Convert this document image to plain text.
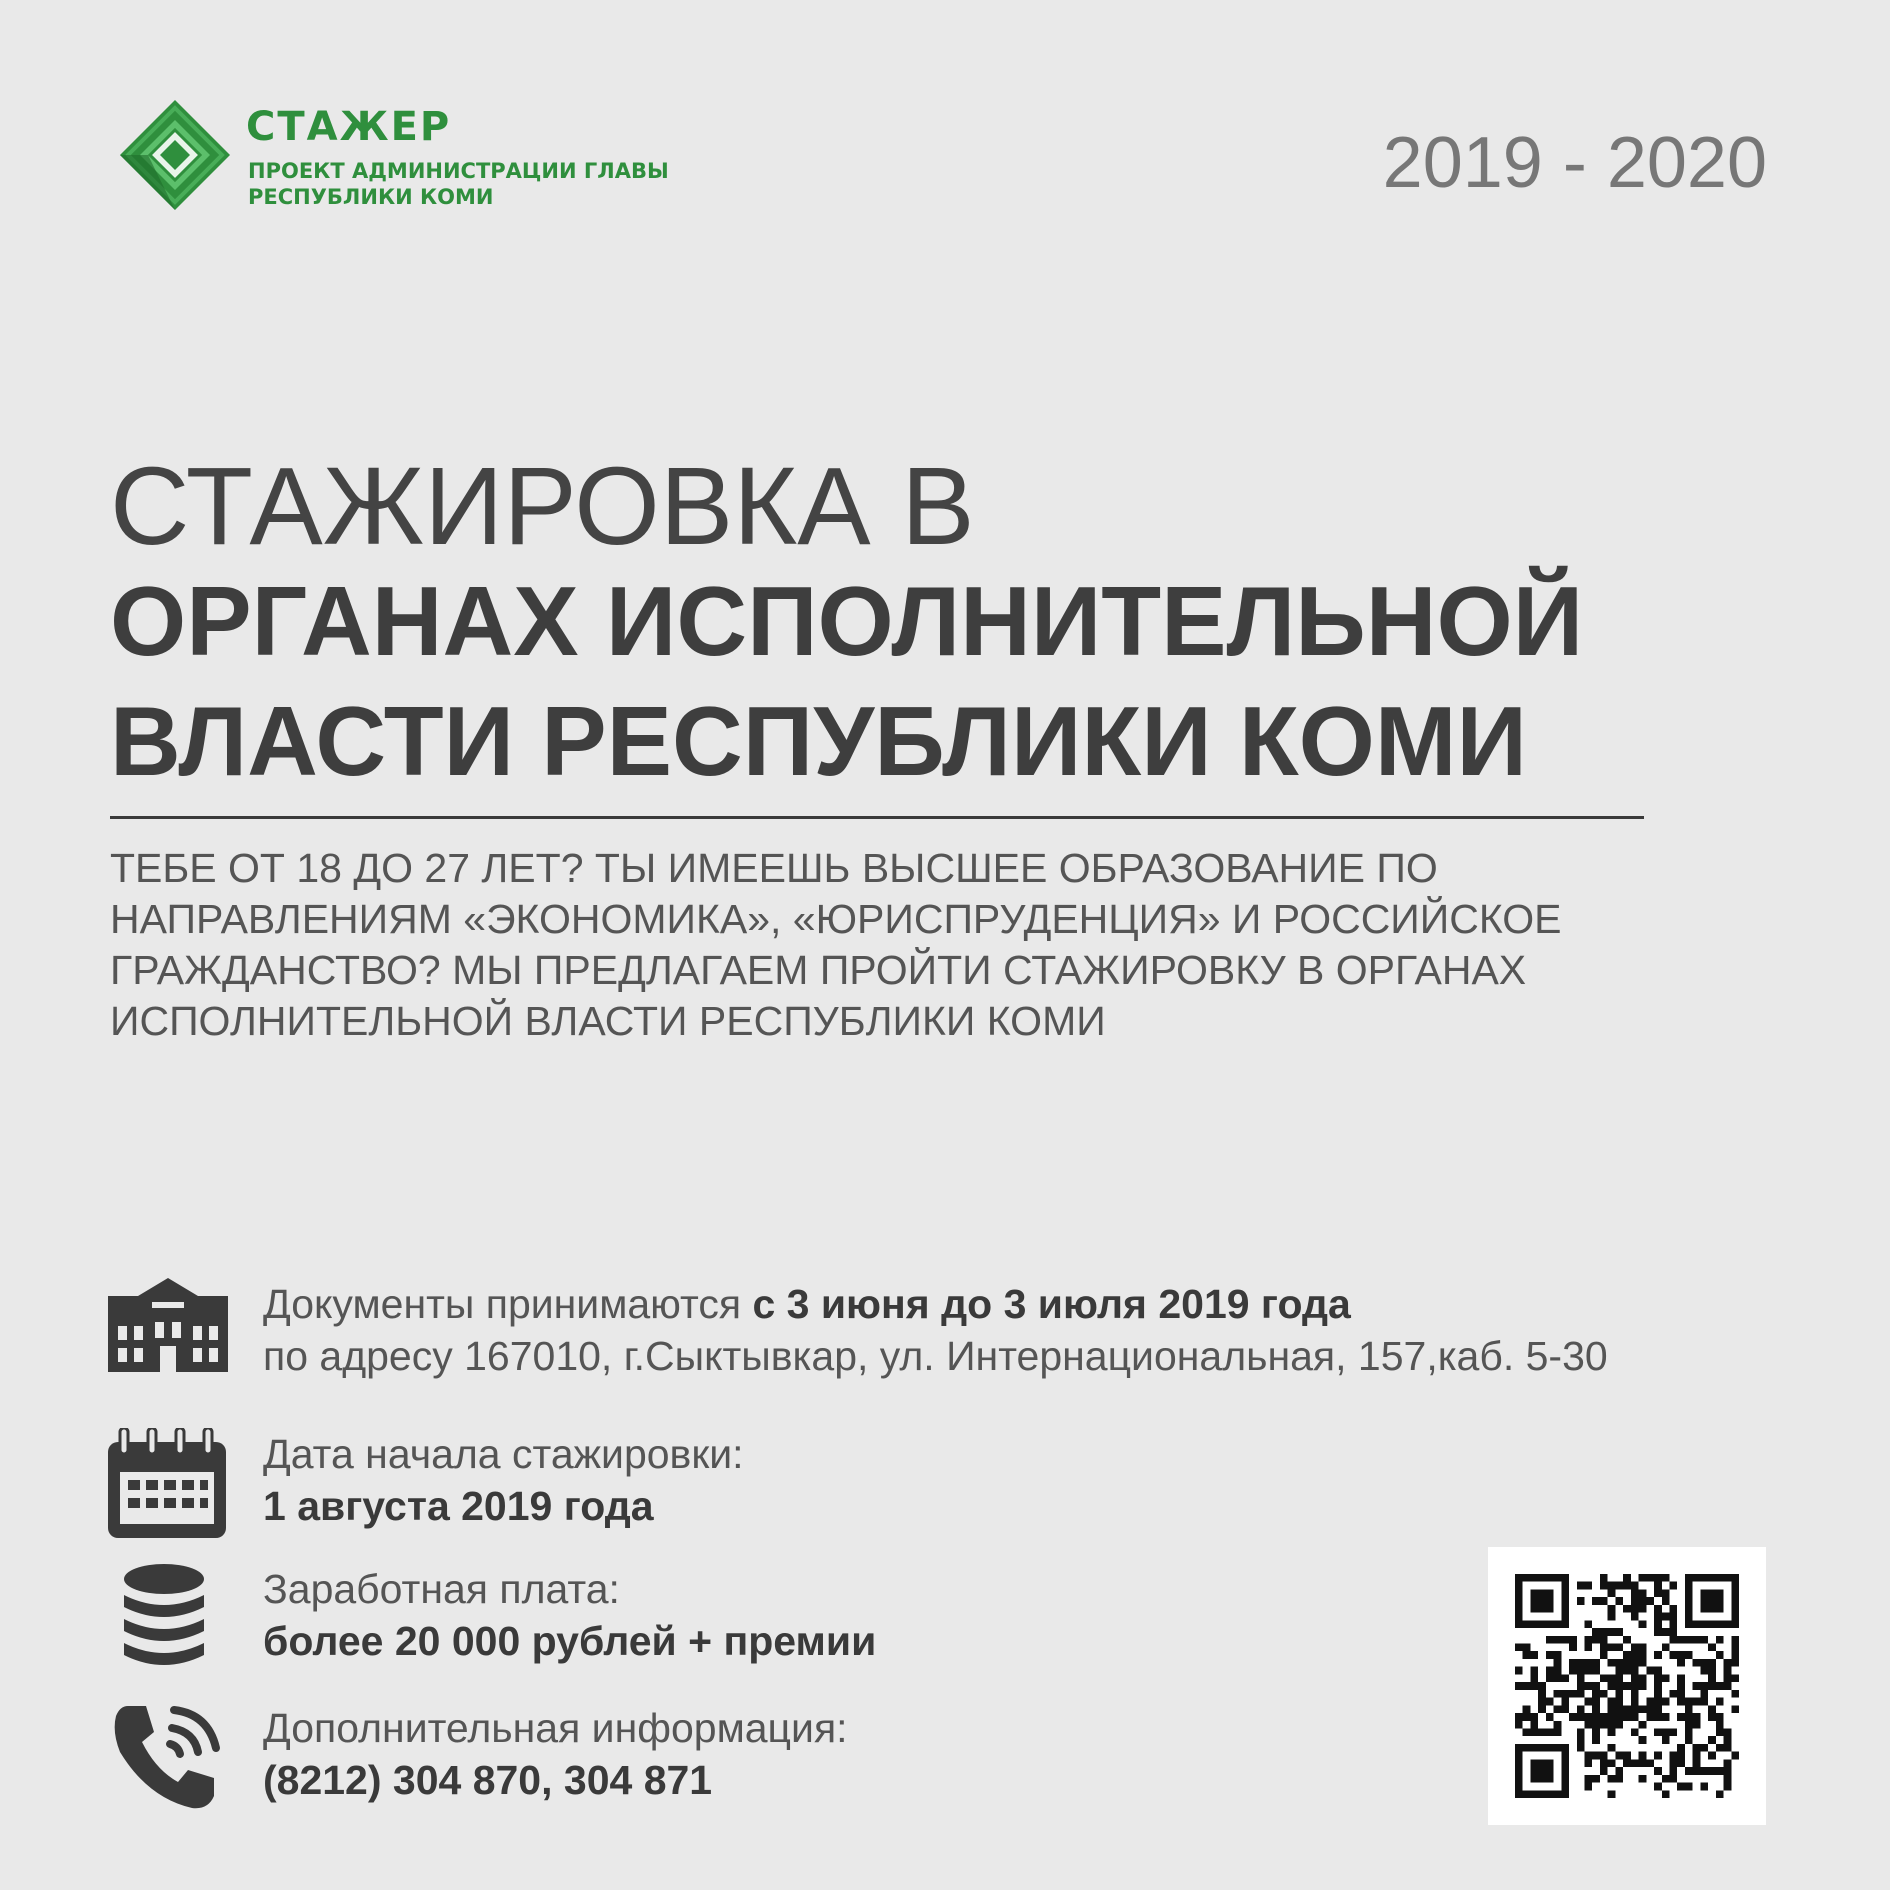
СТАЖЕР
ПРОЕКТ АДМИНИСТРАЦИИ ГЛАВЫ
РЕСПУБЛИКИ КОМИ	2019 - 2020
СТАЖИРОВКА В
ОРГАНАХ ИСПОЛНИТЕЛЬНОЙ
ВЛАСТИ РЕСПУБЛИКИ КОМИ
ТЕБЕ ОТ 18 ДО 27 ЛЕТ? ТЫ ИМЕЕШЬ ВЫСШЕЕ ОБРАЗОВАНИЕ ПО НАПРАВЛЕНИЯМ «ЭКОНОМИКА», «ЮРИСПРУДЕНЦИЯ» И РОССИЙСКОЕ ГРАЖДАНСТВО? МЫ ПРЕДЛАГАЕМ ПРОЙТИ СТАЖИРОВКУ В ОРГАНАХ ИСПОЛНИТЕЛЬНОЙ ВЛАСТИ РЕСПУБЛИКИ КОМИ
Документы принимаются с 3 июня до 3 июля 2019 года
по адресу 167010, г.Сыктывкар, ул. Интернациональная, 157,каб. 5-30
Дата начала стажировки:
1 августа 2019 года
Заработная плата:
более 20 000 рублей + премии
Дополнительная информация:
(8212) 304 870, 304 871
